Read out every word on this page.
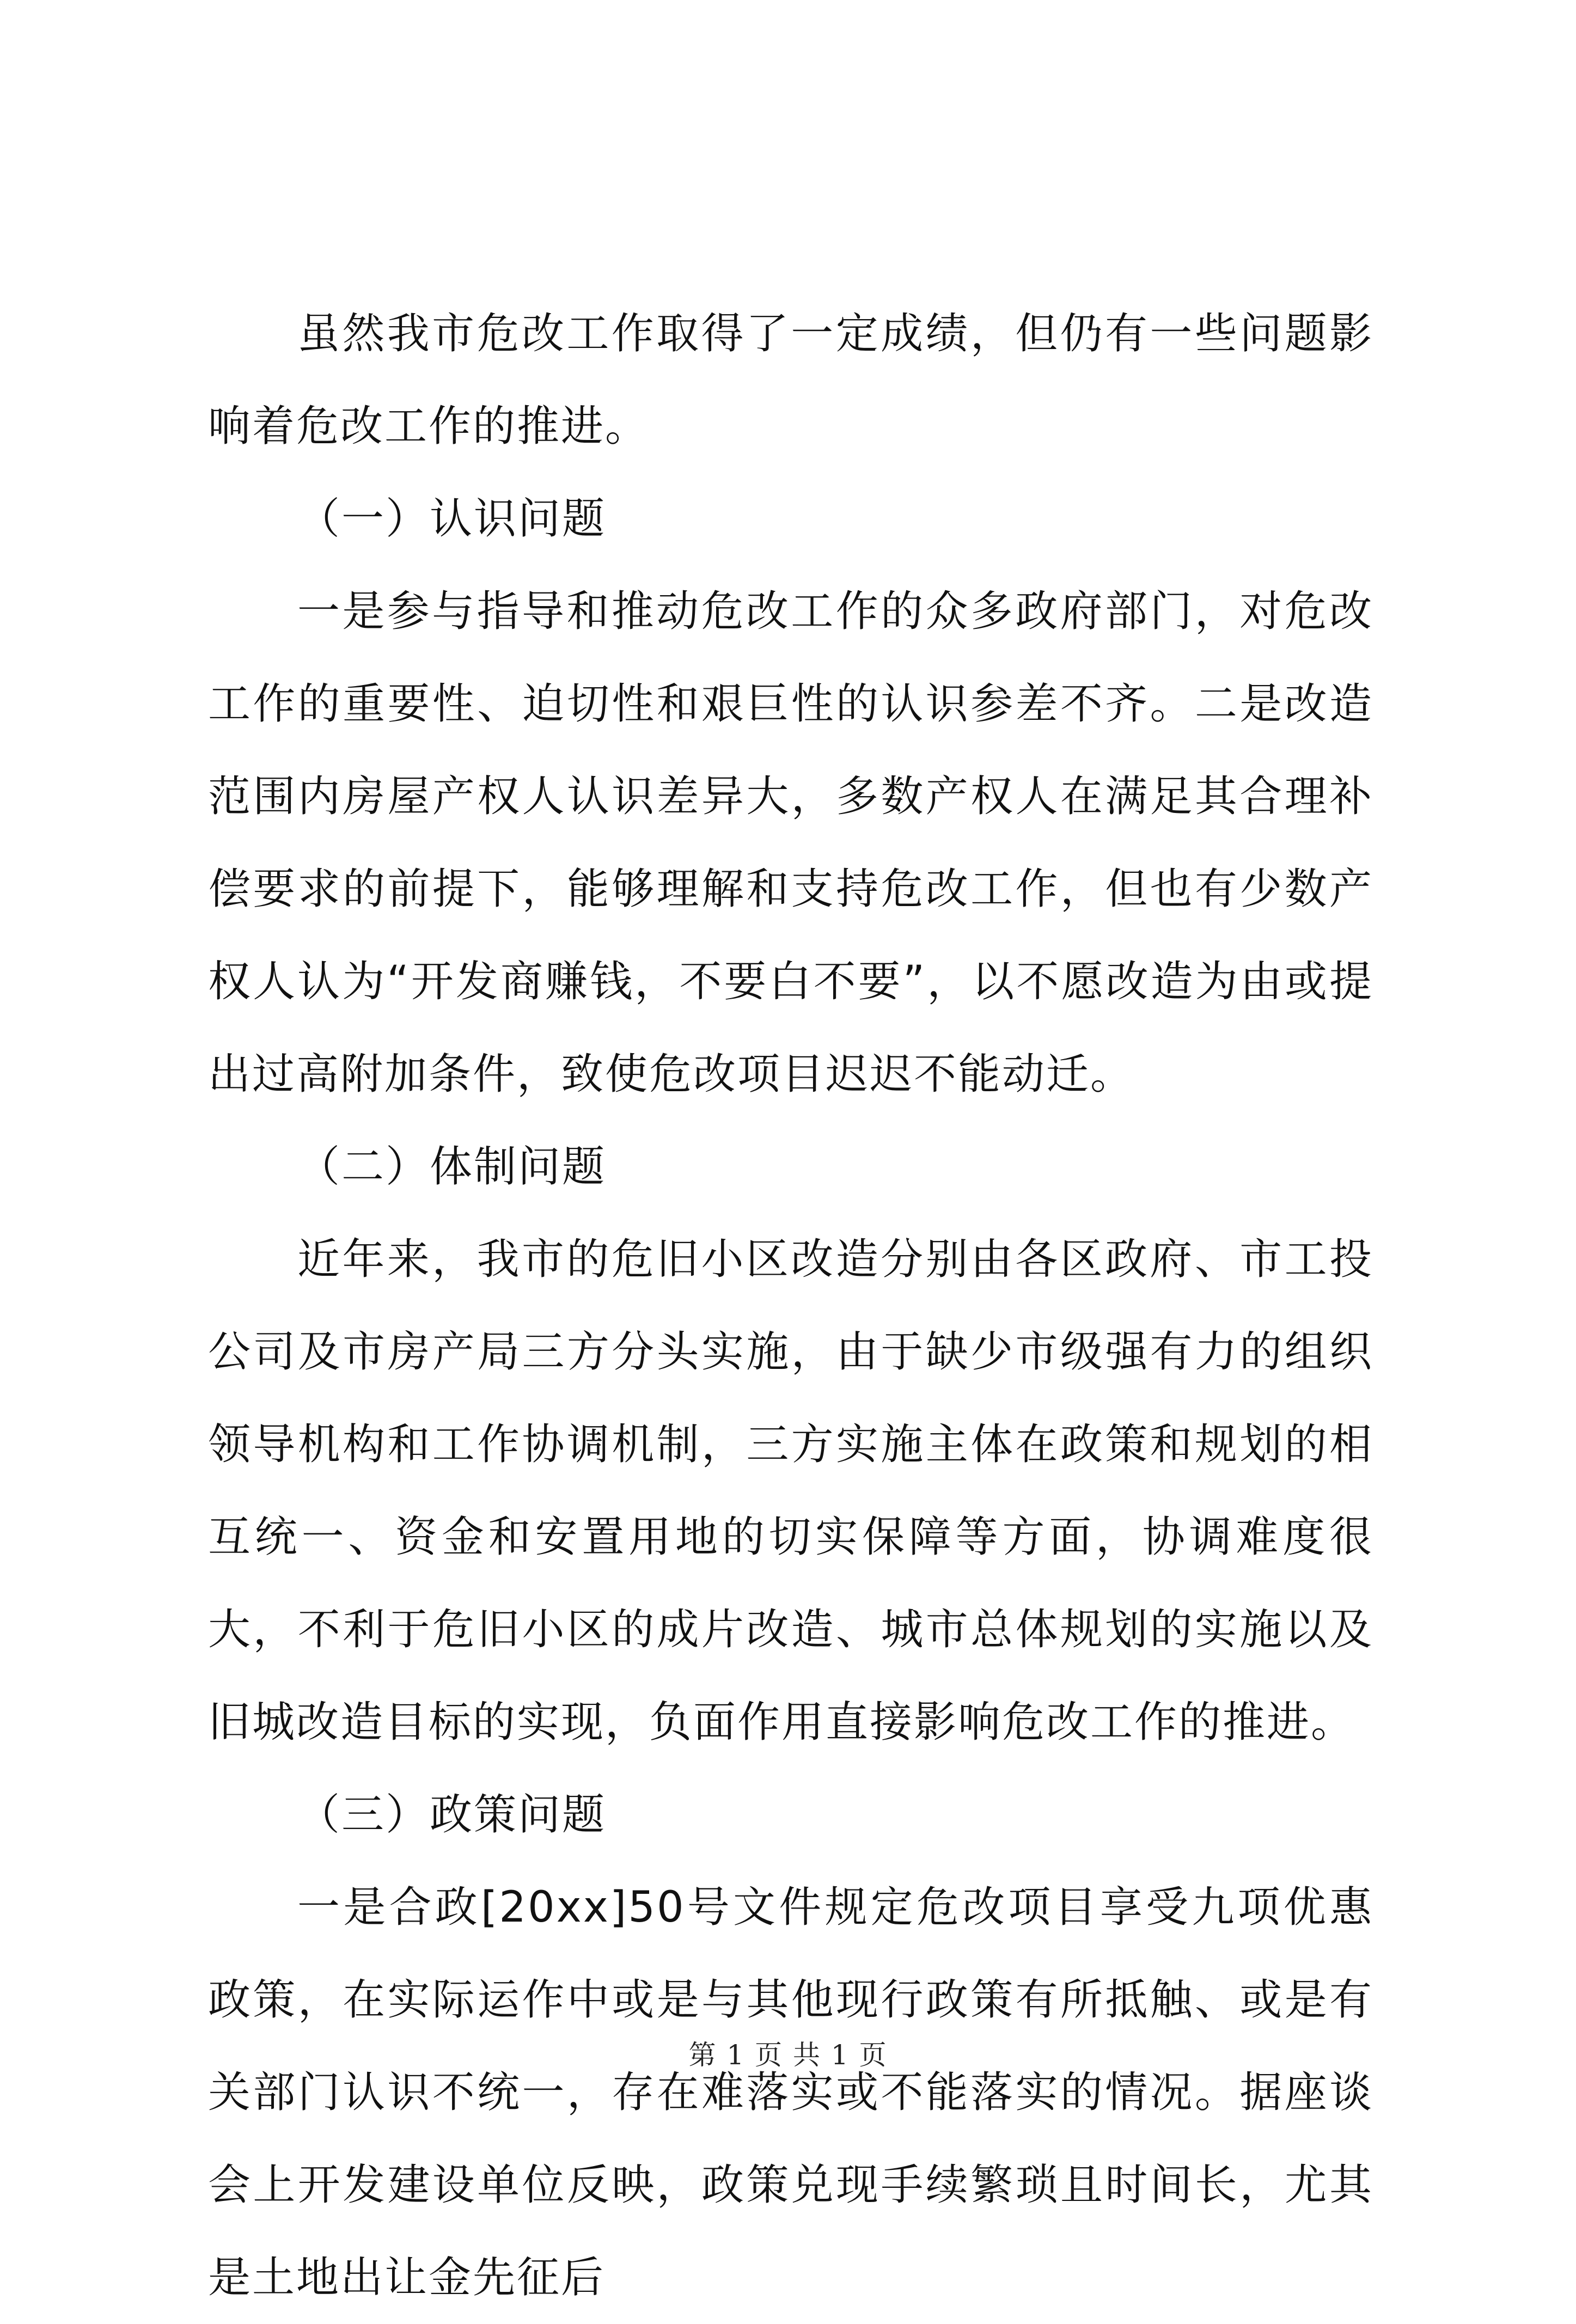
虽然我市危改工作取得了一定成绩，但仍有一些问题影响着危改工作的推进。

（一）认识问题

一是参与指导和推动危改工作的众多政府部门，对危改工作的重要性、迫切性和艰巨性的认识参差不齐。二是改造范围内房屋产权人认识差异大，多数产权人在满足其合理补偿要求的前提下，能够理解和支持危改工作，但也有少数产权人认为“开发商赚钱，不要白不要”，以不愿改造为由或提出过高附加条件，致使危改项目迟迟不能动迁。

（二）体制问题

近年来，我市的危旧小区改造分别由各区政府、市工投公司及市房产局三方分头实施，由于缺少市级强有力的组织领导机构和工作协调机制，三方实施主体在政策和规划的相互统一、资金和安置用地的切实保障等方面，协调难度很大，不利于危旧小区的成片改造、城市总体规划的实施以及旧城改造目标的实现，负面作用直接影响危改工作的推进。

（三）政策问题

一是合政[20xx]50号文件规定危改项目享受九项优惠政策，在实际运作中或是与其他现行政策有所抵触、或是有关部门认识不统一，存在难落实或不能落实的情况。据座谈会上开发建设单位反映，政策兑现手续繁琐且时间长，尤其是土地出让金先征后

第 1 页 共 1 页
